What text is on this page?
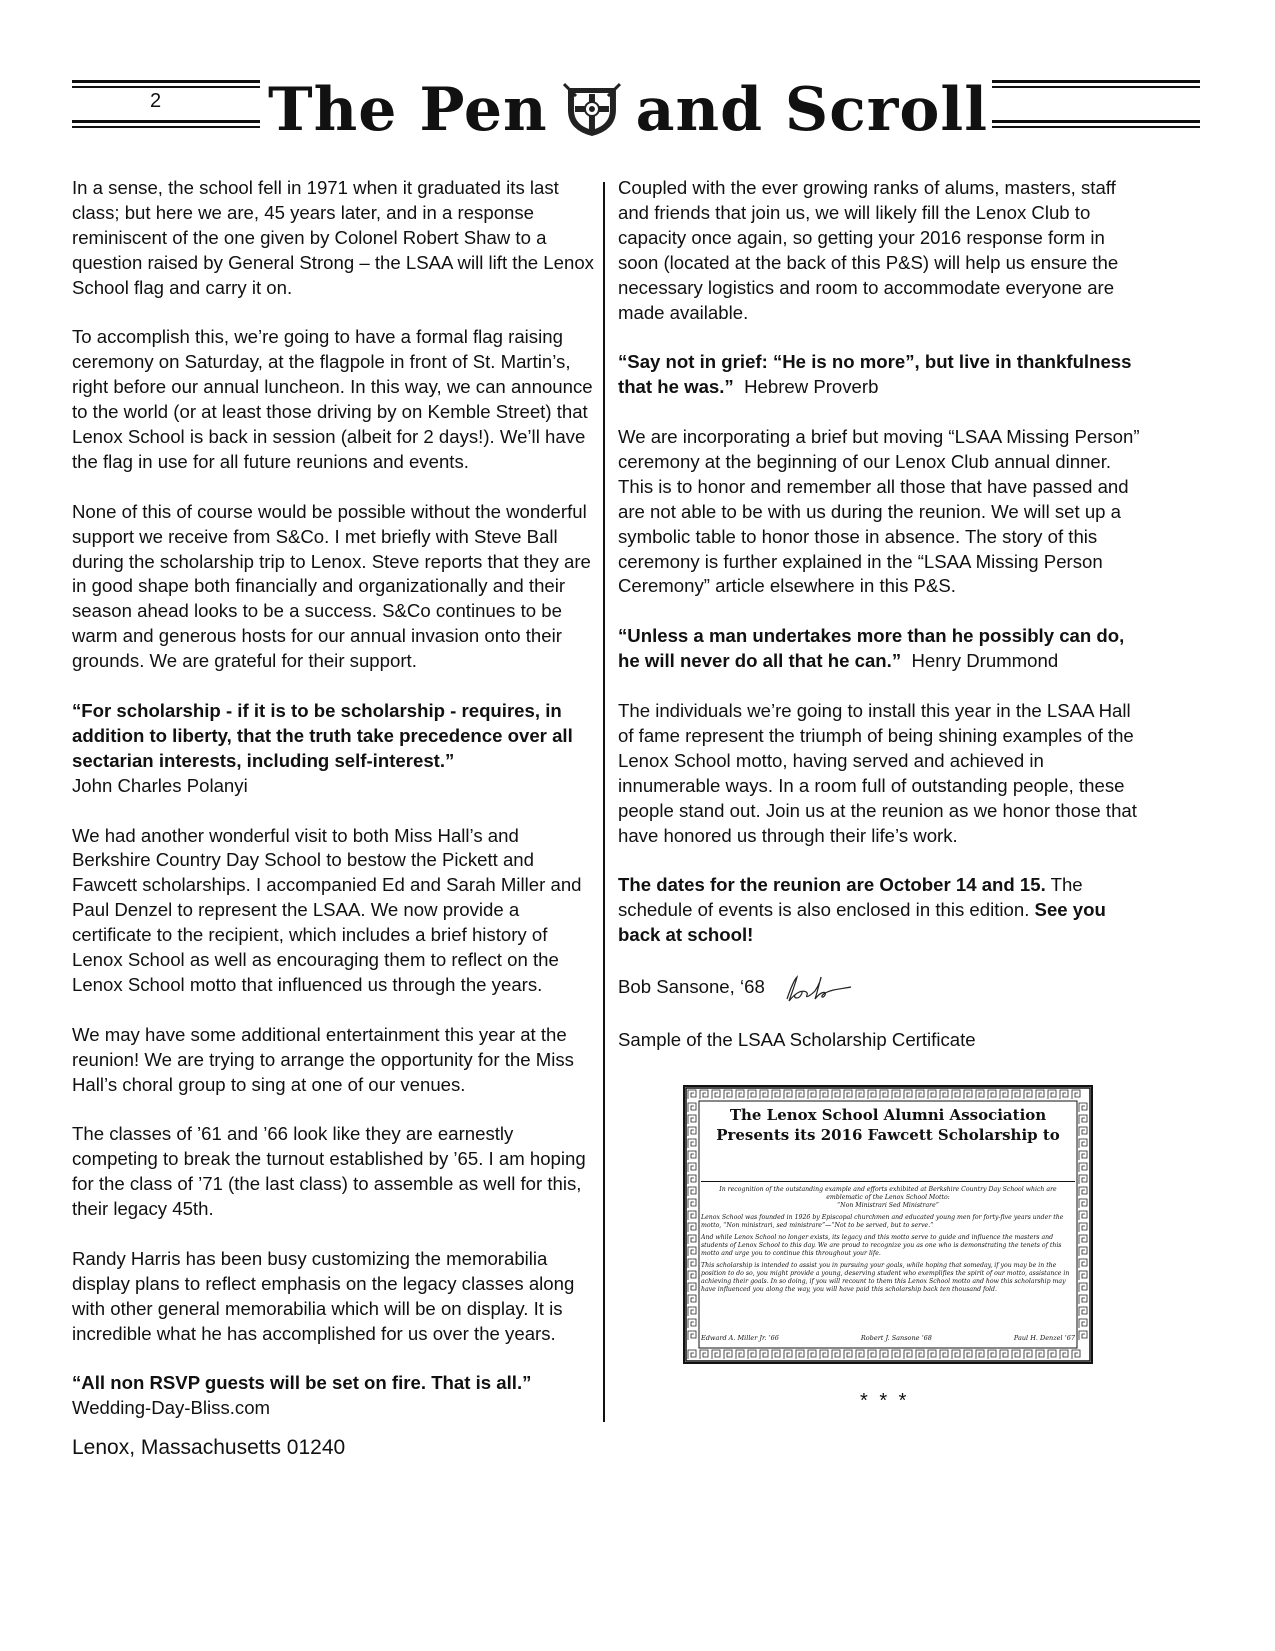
2 The Pen and Scroll

In a sense, the school fell in 1971 when it graduated its last class; but here we are, 45 years later, and in a response reminiscent of the one given by Colonel Robert Shaw to a question raised by General Strong – the LSAA will lift the Lenox School flag and carry it on.

To accomplish this, we’re going to have a formal flag raising ceremony on Saturday, at the flagpole in front of St. Martin’s, right before our annual luncheon. In this way, we can announce to the world (or at least those driving by on Kemble Street) that Lenox School is back in session (albeit for 2 days!). We’ll have the flag in use for all future reunions and events.

None of this of course would be possible without the wonderful support we receive from S&Co. I met briefly with Steve Ball during the scholarship trip to Lenox. Steve reports that they are in good shape both financially and organizationally and their season ahead looks to be a success. S&Co continues to be warm and generous hosts for our annual invasion onto their grounds. We are grateful for their support.

“For scholarship - if it is to be scholarship - requires, in addition to liberty, that the truth take precedence over all sectarian interests, including self-interest.”
John Charles Polanyi

We had another wonderful visit to both Miss Hall’s and Berkshire Country Day School to bestow the Pickett and Fawcett scholarships. I accompanied Ed and Sarah Miller and Paul Denzel to represent the LSAA. We now provide a certificate to the recipient, which includes a brief history of Lenox School as well as encouraging them to reflect on the Lenox School motto that influenced us through the years.

We may have some additional entertainment this year at the reunion! We are trying to arrange the opportunity for the Miss Hall’s choral group to sing at one of our venues.

The classes of ’61 and ’66 look like they are earnestly competing to break the turnout established by ’65. I am hoping for the class of ’71 (the last class) to assemble as well for this, their legacy 45th.

Randy Harris has been busy customizing the memorabilia display plans to reflect emphasis on the legacy classes along with other general memorabilia which will be on display. It is incredible what he has accomplished for us over the years.

“All non RSVP guests will be set on fire. That is all.”  Wedding-Day-Bliss.com

Coupled with the ever growing ranks of alums, masters, staff and friends that join us, we will likely fill the Lenox Club to capacity once again, so getting your 2016 response form in soon (located at the back of this P&S) will help us ensure the necessary logistics and room to accommodate everyone are made available.

“Say not in grief: “He is no more”, but live in thankfulness that he was.” Hebrew Proverb

We are incorporating a brief but moving “LSAA Missing Person” ceremony at the beginning of our Lenox Club annual dinner. This is to honor and remember all those that have passed and are not able to be with us during the reunion. We will set up a symbolic table to honor those in absence. The story of this ceremony is further explained in the “LSAA Missing Person Ceremony” article elsewhere in this P&S.

“Unless a man undertakes more than he possibly can do, he will never do all that he can.” Henry Drummond

The individuals we’re going to install this year in the LSAA Hall of fame represent the triumph of being shining examples of the Lenox School motto, having served and achieved in innumerable ways. In a room full of outstanding people, these people stand out. Join us at the reunion as we honor those that have honored us through their life’s work.

The dates for the reunion are October 14 and 15. The schedule of events is also enclosed in this edition. See you back at school!

Bob Sansone, ‘68

Sample of the LSAA Scholarship Certificate

The Lenox School Alumni Association
Presents its 2016 Fawcett Scholarship to

In recognition of the outstanding example and efforts exhibited at Berkshire Country Day School which are emblematic of the Lenox School Motto:
“Non Ministrari Sed Ministrare”

Lenox School was founded in 1926 by Episcopal churchmen and educated young men for forty-five years under the motto, “Non ministrari, sed ministrare”—“Not to be served, but to serve.”

And while Lenox School no longer exists, its legacy and this motto serve to guide and influence the masters and students of Lenox School to this day. We are proud to recognize you as one who is demonstrating the tenets of this motto and urge you to continue this throughout your life.

This scholarship is intended to assist you in pursuing your goals, while hoping that someday, if you may be in the position to do so, you might provide a young, deserving student who exemplifies the spirit of our motto, assistance in achieving their goals. In so doing, if you will recount to them this Lenox School motto and how this scholarship may have influenced you along the way, you will have paid this scholarship back ten thousand fold.

Edward A. Miller Jr. ’66	Robert J. Sansone ’68	Paul H. Denzel ’67
* * *
Lenox, Massachusetts 01240
